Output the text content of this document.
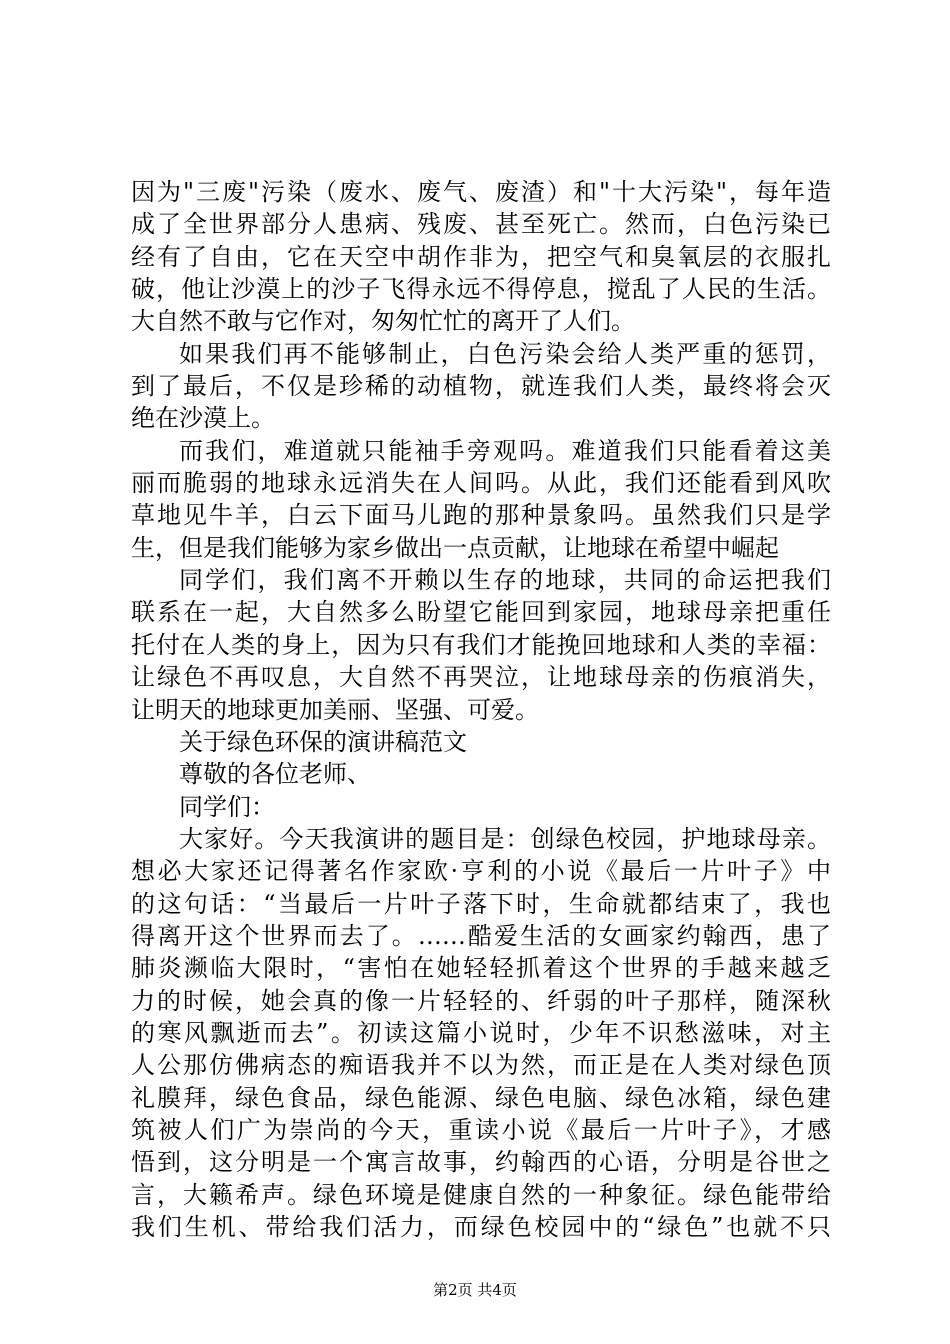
因为"三废"污染（废水、废气、废渣）和"十大污染"，每年造
成了全世界部分人患病、残废、甚至死亡。然而，白色污染已
经有了自由，它在天空中胡作非为，把空气和臭氧层的衣服扎
破，他让沙漠上的沙子飞得永远不得停息，搅乱了人民的生活。
大自然不敢与它作对，匆匆忙忙的离开了人们。
如果我们再不能够制止，白色污染会给人类严重的惩罚，
到了最后，不仅是珍稀的动植物，就连我们人类，最终将会灭
绝在沙漠上。
而我们，难道就只能袖手旁观吗。难道我们只能看着这美
丽而脆弱的地球永远消失在人间吗。从此，我们还能看到风吹
草地见牛羊，白云下面马儿跑的那种景象吗。虽然我们只是学
生，但是我们能够为家乡做出一点贡献，让地球在希望中崛起
同学们，我们离不开赖以生存的地球，共同的命运把我们
联系在一起，大自然多么盼望它能回到家园，地球母亲把重任
托付在人类的身上，因为只有我们才能挽回地球和人类的幸福：
让绿色不再叹息，大自然不再哭泣，让地球母亲的伤痕消失，
让明天的地球更加美丽、坚强、可爱。
关于绿色环保的演讲稿范文
尊敬的各位老师、
同学们：
大家好。今天我演讲的题目是：创绿色校园，护地球母亲。
想必大家还记得著名作家欧·亨利的小说《最后一片叶子》中
的这句话：“当最后一片叶子落下时，生命就都结束了，我也
得离开这个世界而去了。……酷爱生活的女画家约翰西，患了
肺炎濒临大限时，“害怕在她轻轻抓着这个世界的手越来越乏
力的时候，她会真的像一片轻轻的、纤弱的叶子那样，随深秋
的寒风飘逝而去”。初读这篇小说时，少年不识愁滋味，对主
人公那仿佛病态的痴语我并不以为然，而正是在人类对绿色顶
礼膜拜，绿色食品，绿色能源、绿色电脑、绿色冰箱，绿色建
筑被人们广为崇尚的今天，重读小说《最后一片叶子》，才感
悟到，这分明是一个寓言故事，约翰西的心语，分明是谷世之
言，大籁希声。绿色环境是健康自然的一种象征。绿色能带给
我们生机、带给我们活力，而绿色校园中的“绿色”也就不只
第2页 共4页
